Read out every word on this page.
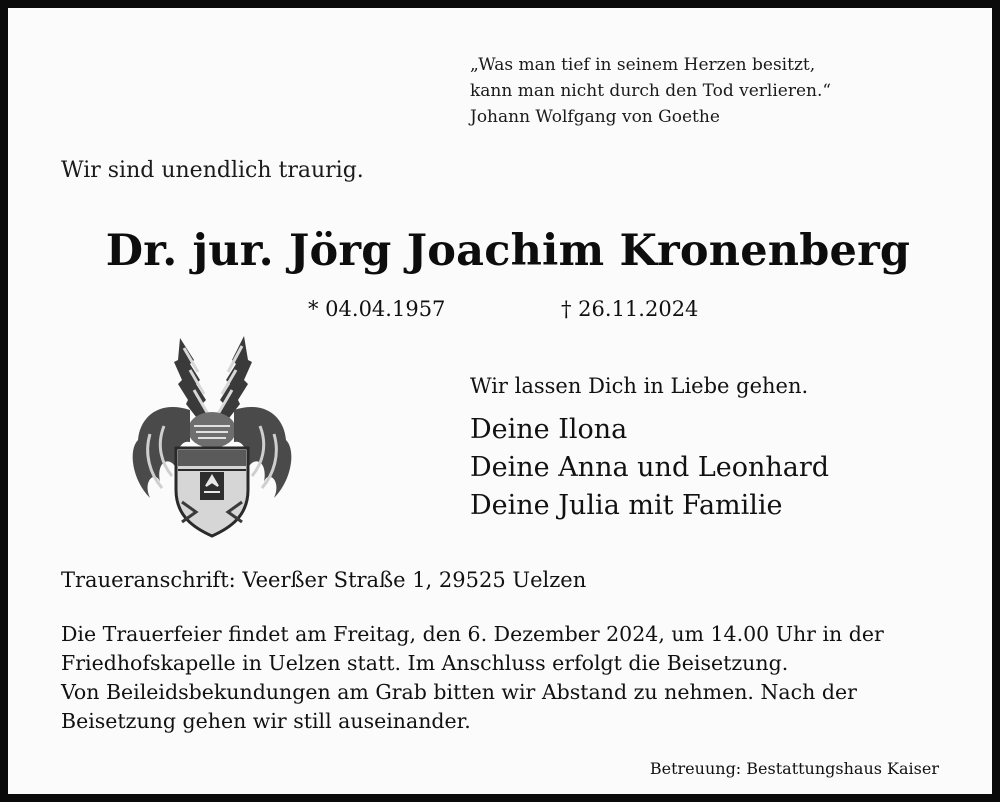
„Was man tief in seinem Herzen besitzt,
kann man nicht durch den Tod verlieren.“
Johann Wolfgang von Goethe
Wir sind unendlich traurig.
Dr. jur. Jörg Joachim Kronenberg
* 04.04.1957	† 26.11.2024
Wir lassen Dich in Liebe gehen.
Deine Ilona
Deine Anna und Leonhard
Deine Julia mit Familie
Traueranschrift: Veerßer Straße 1, 29525 Uelzen
Die Trauerfeier findet am Freitag, den 6. Dezember 2024, um 14.00 Uhr in der
Friedhofskapelle in Uelzen statt. Im Anschluss erfolgt die Beisetzung.
Von Beileidsbekundungen am Grab bitten wir Abstand zu nehmen. Nach der
Beisetzung gehen wir still auseinander.
Betreuung: Bestattungshaus Kaiser
